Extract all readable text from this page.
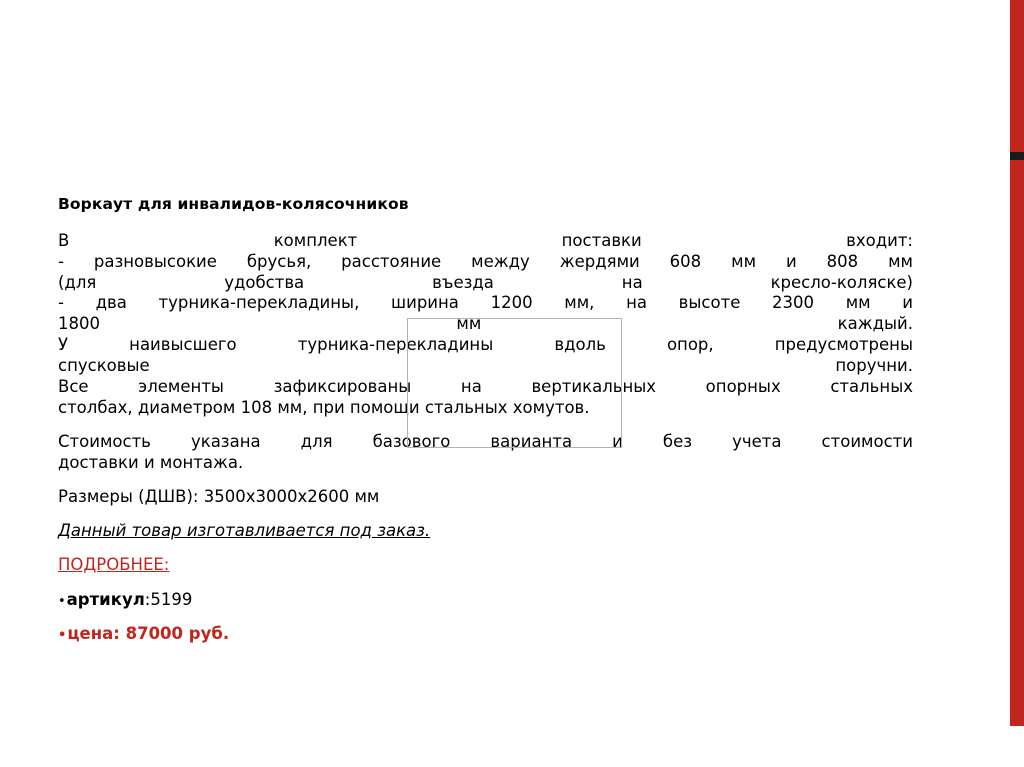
Воркаут для инвалидов-колясочников
В комплект поставки входит:
- разновысокие брусья, расстояние между жердями 608 мм и 808 мм
(для удобства въезда на кресло-коляске)
- два турника-перекладины, ширина 1200 мм, на высоте 2300 мм и
1800 мм каждый.
У наивысшего турника-перекладины вдоль опор, предусмотрены
спусковые поручни.
Все элементы зафиксированы на вертикальных опорных стальных
столбах, диаметром 108 мм, при помощи стальных хомутов.
Стоимость указана для базового варианта и без учета стоимости
доставки и монтажа.
Размеры (ДШВ): 3500х3000х2600 мм
Данный товар изготавливается под заказ.
ПОДРОБНЕЕ:
• артикул : 5199
• цена: 87000 руб.
